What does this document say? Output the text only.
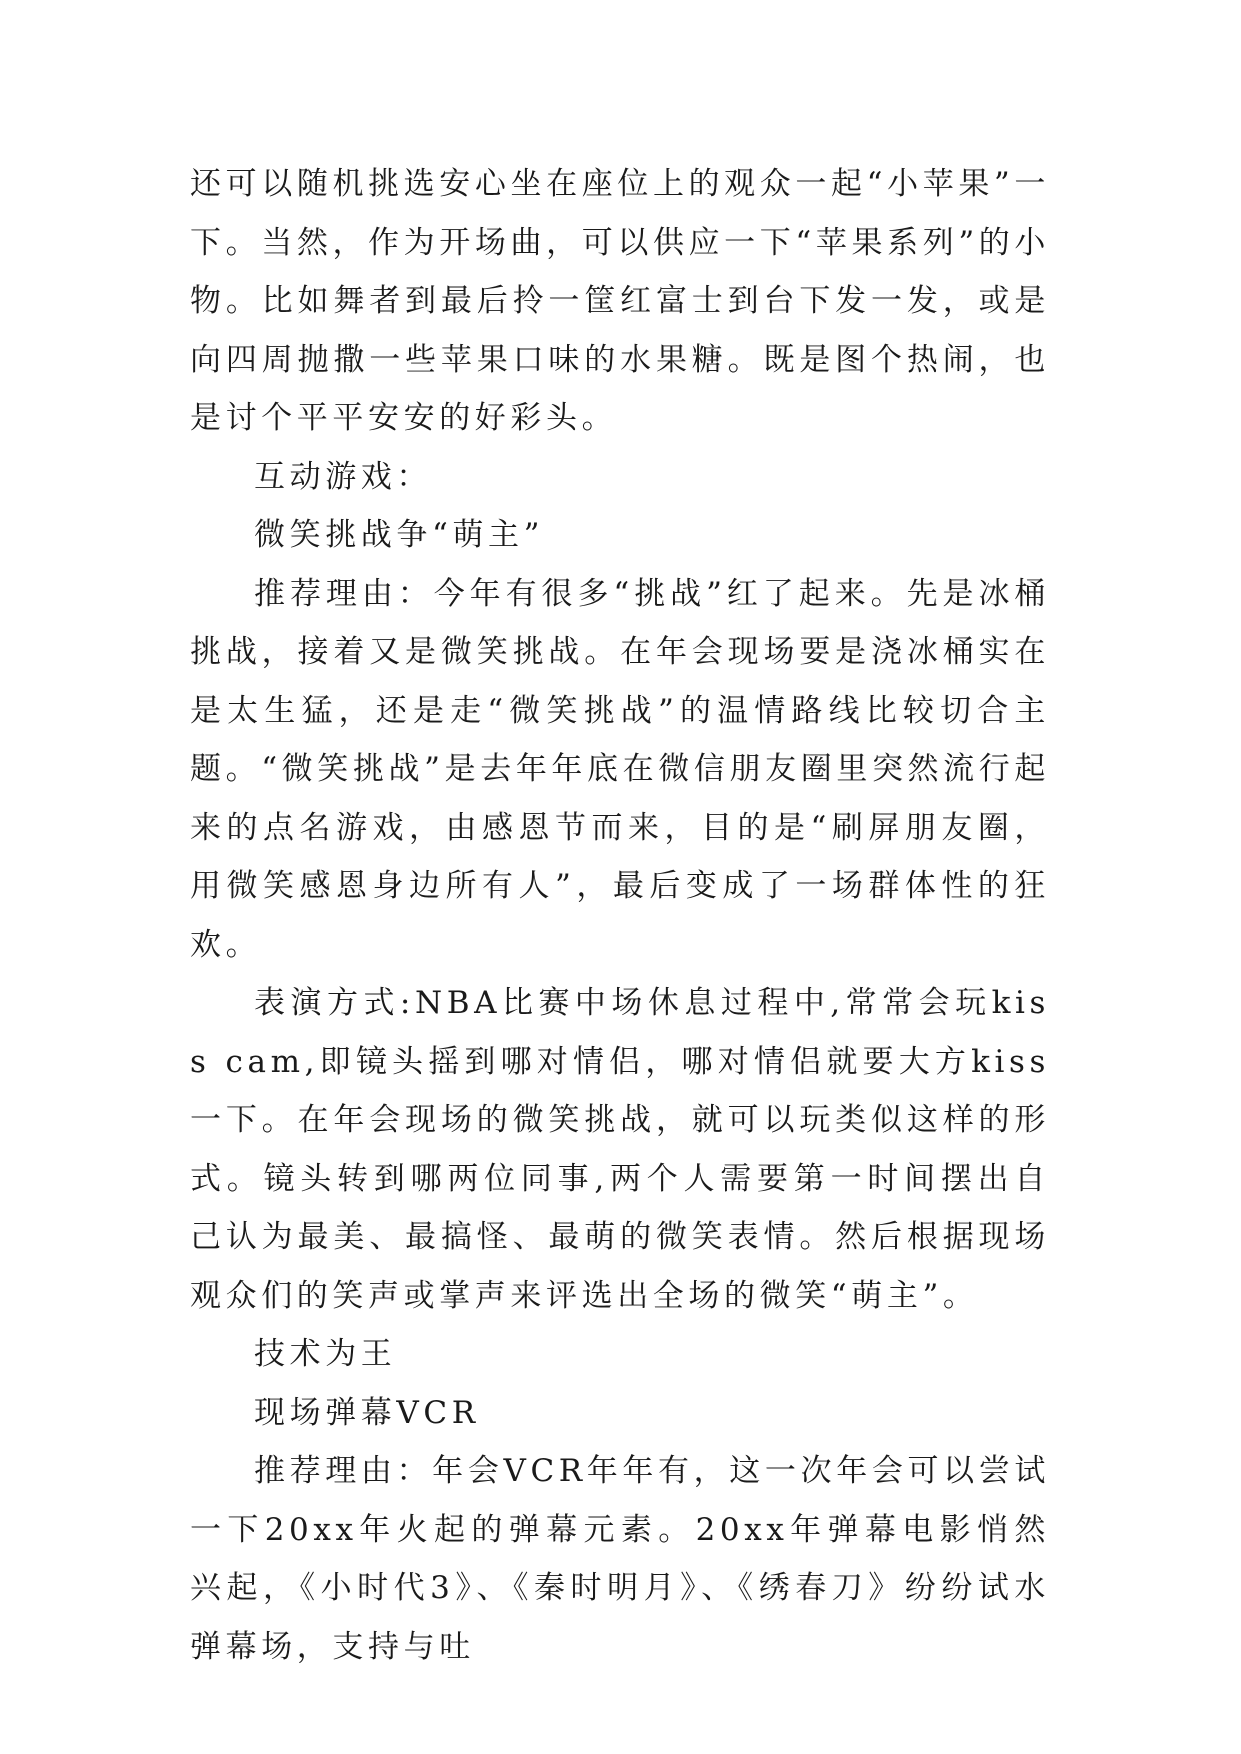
还可以随机挑选安心坐在座位上的观众一起“小苹果”一下。当然，作为开场曲，可以供应一下“苹果系列”的小物。比如舞者到最后拎一筐红富士到台下发一发，或是向四周抛撒一些苹果口味的水果糖。既是图个热闹，也是讨个平平安安的好彩头。

互动游戏：

微笑挑战争“萌主”

推荐理由：今年有很多“挑战”红了起来。先是冰桶挑战，接着又是微笑挑战。在年会现场要是浇冰桶实在是太生猛，还是走“微笑挑战”的温情路线比较切合主题。“微笑挑战”是去年年底在微信朋友圈里突然流行起来的点名游戏，由感恩节而来，目的是“刷屏朋友圈，用微笑感恩身边所有人”，最后变成了一场群体性的狂欢。

表演方式:NBA比赛中场休息过程中,常常会玩kiss cam,即镜头摇到哪对情侣，哪对情侣就要大方kiss一下。在年会现场的微笑挑战，就可以玩类似这样的形式。镜头转到哪两位同事,两个人需要第一时间摆出自己认为最美、最搞怪、最萌的微笑表情。然后根据现场观众们的笑声或掌声来评选出全场的微笑“萌主”。

技术为王

现场弹幕VCR

推荐理由：年会VCR年年有，这一次年会可以尝试一下20xx年火起的弹幕元素。20xx年弹幕电影悄然兴起，《小时代3》、《秦时明月》、《绣春刀》纷纷试水弹幕场，支持与吐
